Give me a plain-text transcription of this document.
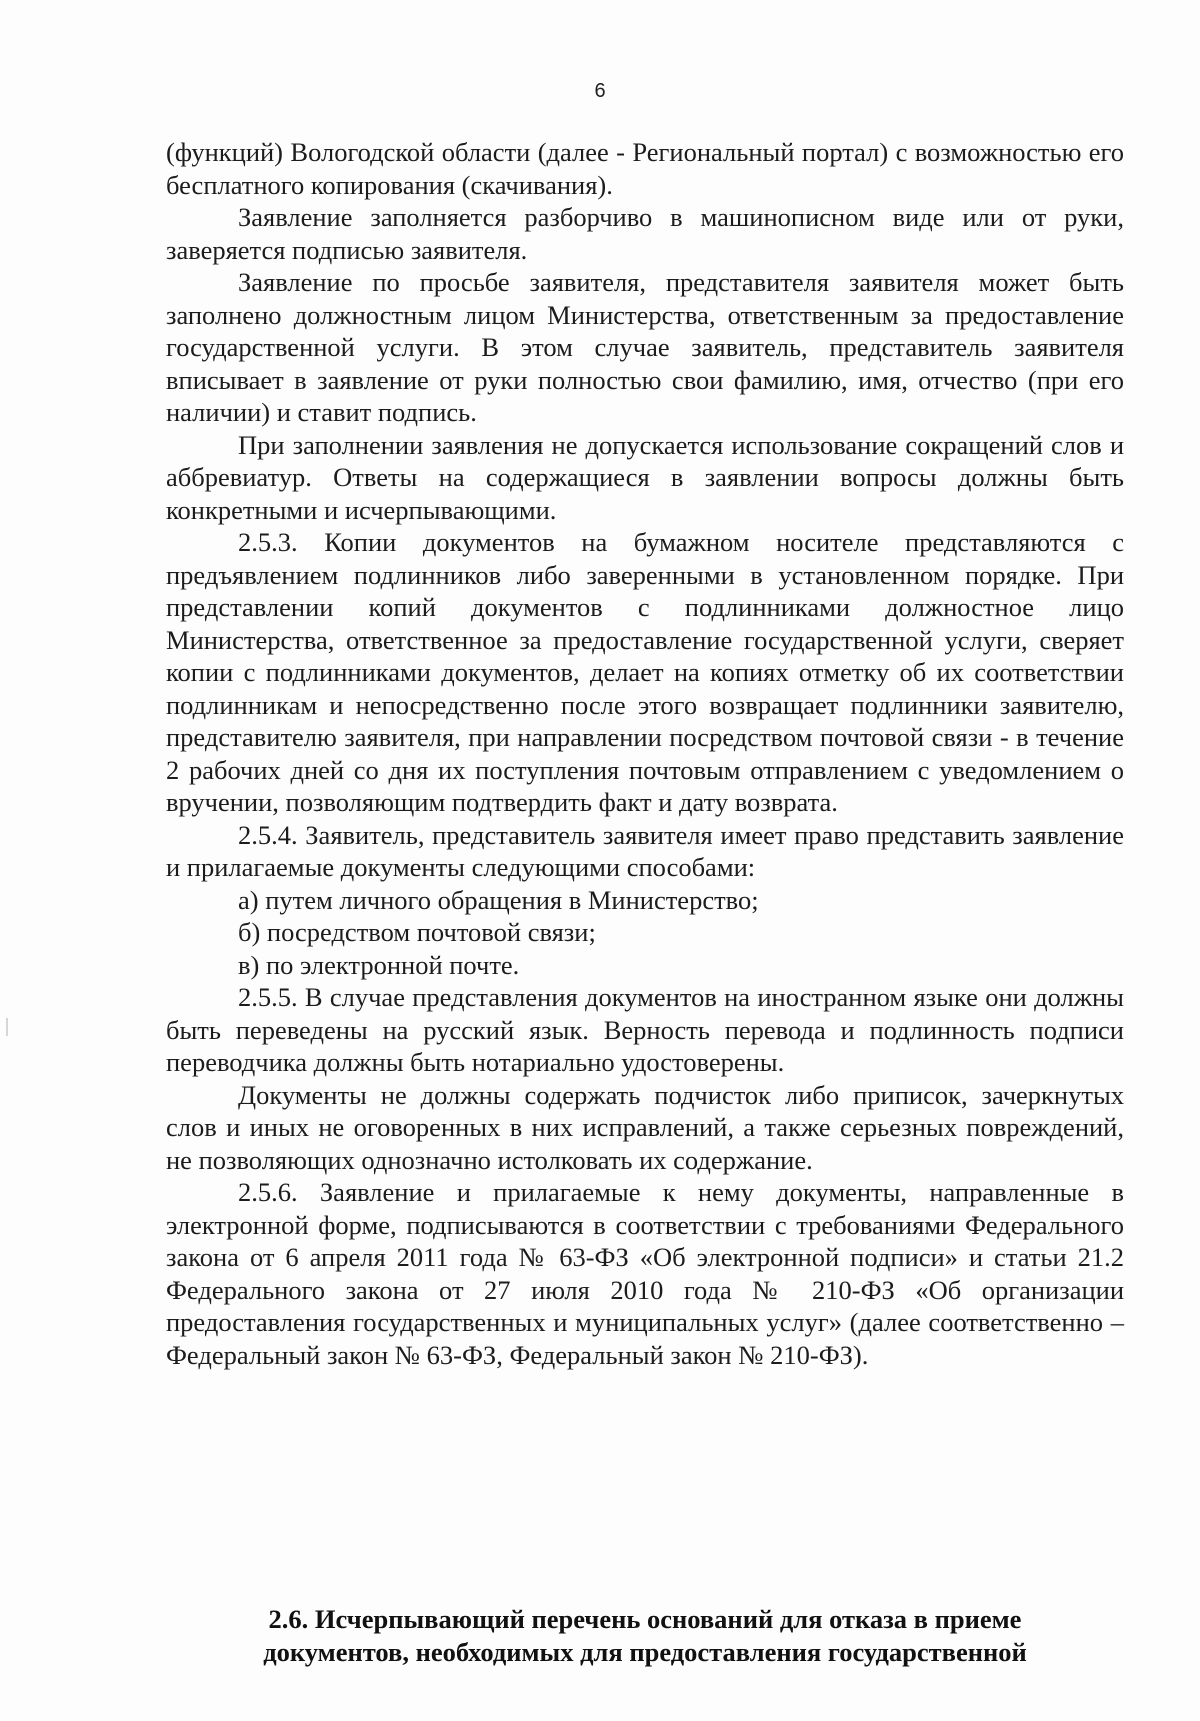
6

(функций) Вологодской области (далее - Региональный портал) с возможностью его бесплатного копирования (скачивания).

Заявление заполняется разборчиво в машинописном виде или от руки, заверяется подписью заявителя.

Заявление по просьбе заявителя, представителя заявителя может быть заполнено должностным лицом Министерства, ответственным за предоставление государственной услуги. В этом случае заявитель, представитель заявителя вписывает в заявление от руки полностью свои фамилию, имя, отчество (при его наличии) и ставит подпись.

При заполнении заявления не допускается использование сокращений слов и аббревиатур. Ответы на содержащиеся в заявлении вопросы должны быть конкретными и исчерпывающими.

2.5.3. Копии документов на бумажном носителе представляются с предъявлением подлинников либо заверенными в установленном порядке. При представлении копий документов с подлинниками должностное лицо Министерства, ответственное за предоставление государственной услуги, сверяет копии с подлинниками документов, делает на копиях отметку об их соответствии подлинникам и непосредственно после этого возвращает подлинники заявителю, представителю заявителя, при направлении посредством почтовой связи - в течение 2 рабочих дней со дня их поступления почтовым отправлением с уведомлением о вручении, позволяющим подтвердить факт и дату возврата.

2.5.4. Заявитель, представитель заявителя имеет право представить заявление и прилагаемые документы следующими способами:

а) путем личного обращения в Министерство;

б) посредством почтовой связи;

в) по электронной почте.

2.5.5. В случае представления документов на иностранном языке они должны быть переведены на русский язык. Верность перевода и подлинность подписи переводчика должны быть нотариально удостоверены.

Документы не должны содержать подчисток либо приписок, зачеркнутых слов и иных не оговоренных в них исправлений, а также серьезных повреждений, не позволяющих однозначно истолковать их содержание.

2.5.6. Заявление и прилагаемые к нему документы, направленные в электронной форме, подписываются в соответствии с требованиями Федерального закона от 6 апреля 2011 года № 63-ФЗ «Об электронной подписи» и статьи 21.2 Федерального закона от 27 июля 2010 года № 210-ФЗ «Об организации предоставления государственных и муниципальных услуг» (далее соответственно – Федеральный закон № 63-ФЗ, Федеральный закон № 210-ФЗ).

2.6. Исчерпывающий перечень оснований для отказа в приеме
документов, необходимых для предоставления государственной
